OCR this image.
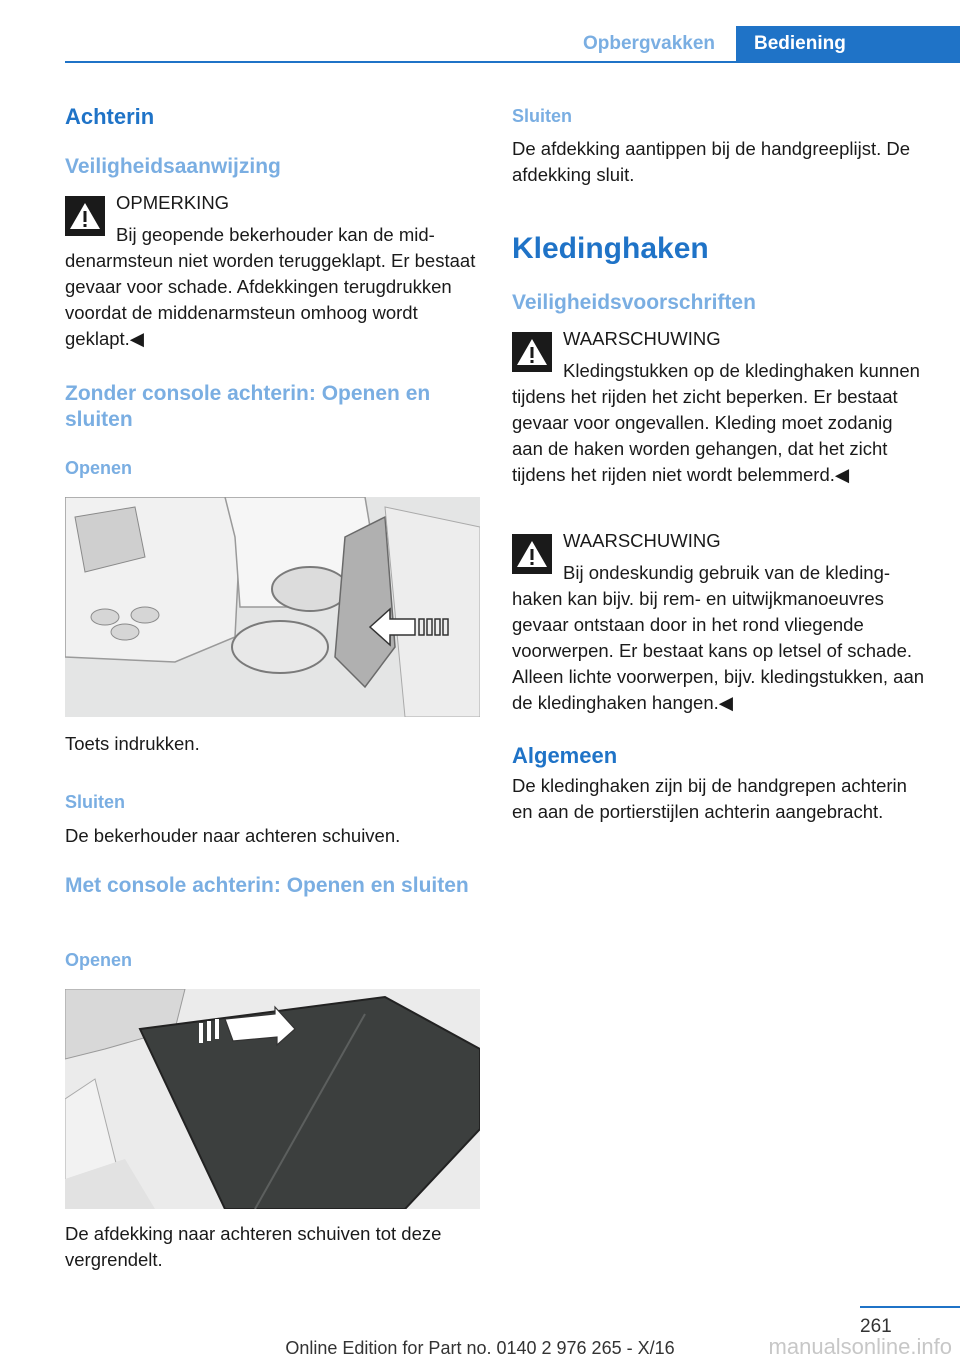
Opbergvakken	Bediening
Achterin
Veiligheidsaanwijzing
OPMERKING
Bij geopende bekerhouder kan de middenarmsteun niet worden teruggeklapt. Er bestaat gevaar voor schade. Afdekkingen terugdrukken voordat de middenarmsteun omhoog wordt geklapt.◀
Zonder console achterin: Openen en sluiten
Openen
Toets indrukken.
Sluiten
De bekerhouder naar achteren schuiven.
Met console achterin: Openen en sluiten
Openen
De afdekking naar achteren schuiven tot deze vergrendelt.
Sluiten
De afdekking aantippen bij de handgreeplijst. De afdekking sluit.
Kledinghaken
Veiligheidsvoorschriften
WAARSCHUWING
Kledingstukken op de kledinghaken kunnen tijdens het rijden het zicht beperken. Er bestaat gevaar voor ongevallen. Kleding moet zodanig aan de haken worden gehangen, dat het zicht tijdens het rijden niet wordt belemmerd.◀
WAARSCHUWING
Bij ondeskundig gebruik van de kledinghaken kan bijv. bij rem- en uitwijkmanoeuvres gevaar ontstaan door in het rond vliegende voorwerpen. Er bestaat kans op letsel of schade. Alleen lichte voorwerpen, bijv. kledingstukken, aan de kledinghaken hangen.◀
Algemeen
De kledinghaken zijn bij de handgrepen achterin en aan de portierstijlen achterin aangebracht.
261
Online Edition for Part no. 0140 2 976 265 - X/16	manualsonline.info
